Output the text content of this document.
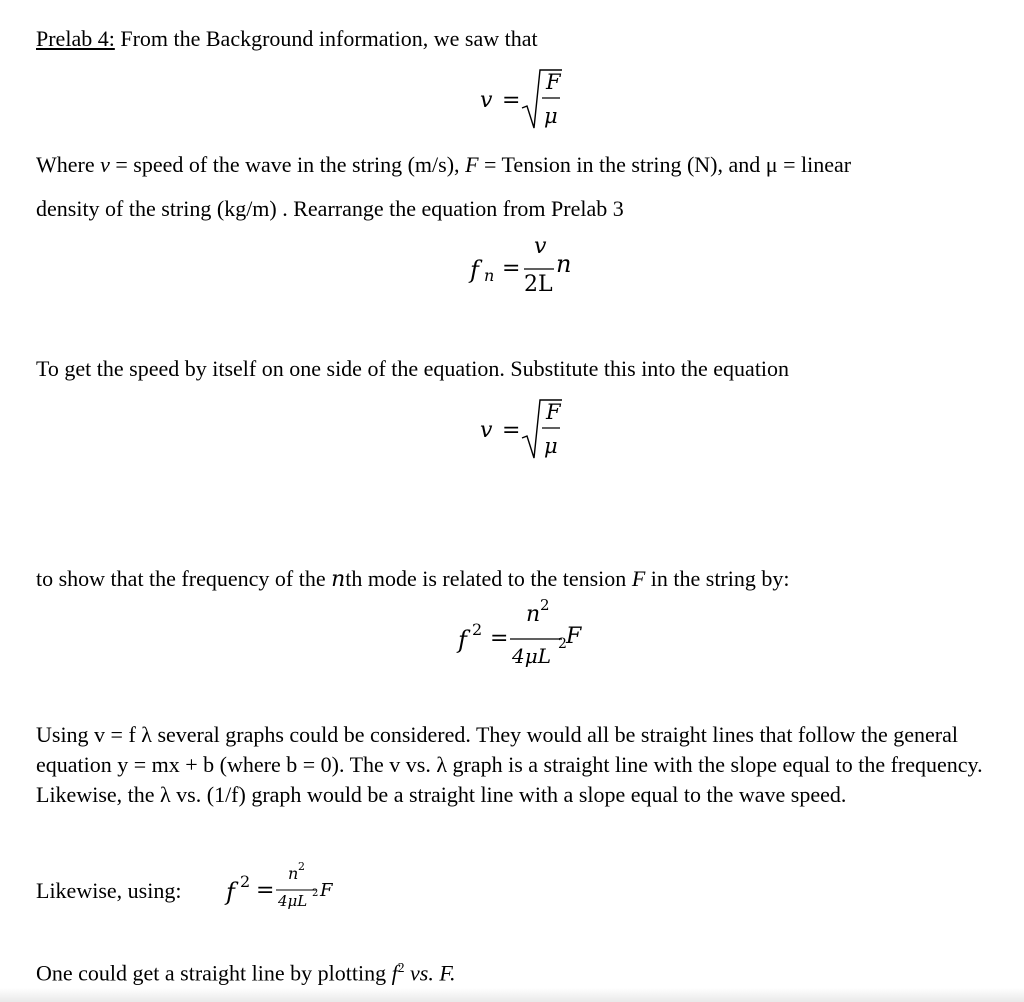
Prelab 4: From the Background information, we saw that
v =
F
μ
Where v = speed of the wave in the string (m/s), F = Tension in the string (N), and μ = linear
density of the string (kg/m) . Rearrange the equation from Prelab 3
f n =
v
2L
n
To get the speed by itself on one side of the equation. Substitute this into the equation
v =
F
μ
to show that the frequency of the nth mode is related to the tension F in the string by:
f 2 =
n 2
4μL 2 F
Using v = f λ several graphs could be considered. They would all be straight lines that follow the general equation y = mx + b (where b = 0). The v vs. λ graph is a straight line with the slope equal to the frequency. Likewise, the λ vs. (1/f) graph would be a straight line with a slope equal to the wave speed.
Likewise, using: f 2 =
n 2
4μL 2 F
One could get a straight line by plotting $f^2$ vs. F.
